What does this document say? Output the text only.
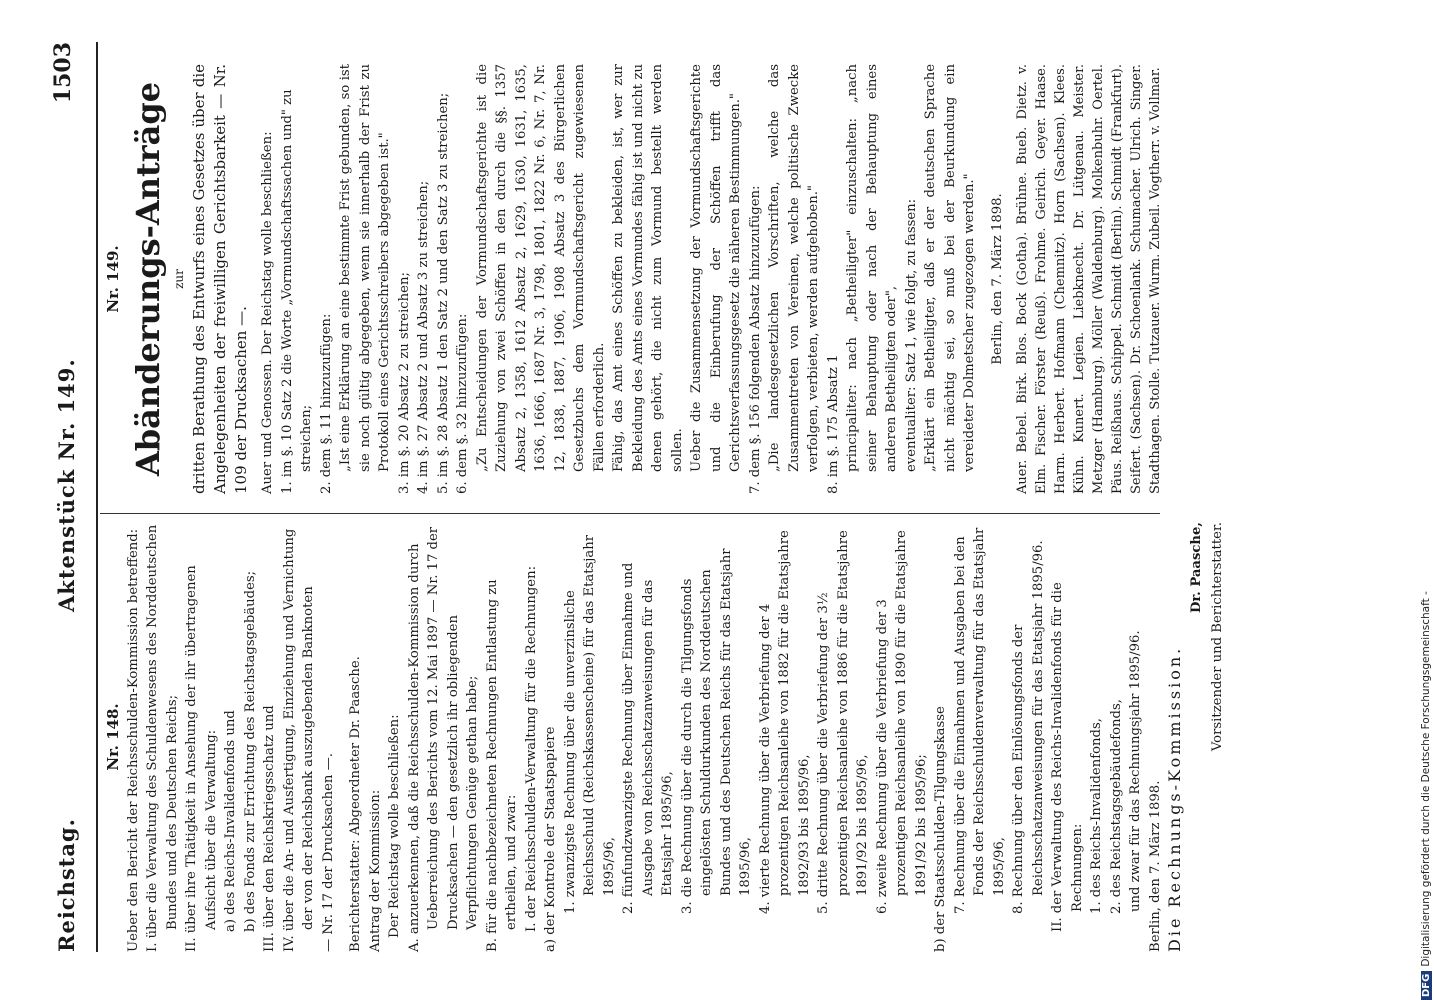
Reichstag.
Aktenstück Nr. 149.
1503
Nr. 148. Ueber den Bericht der Reichsschulden-Kommission betreffend: I. über die Verwaltung des Schuldenwesens des Norddeutschen Bundes und des Deutschen Reichs; II. über ihre Thätigkeit in Ansehung der ihr übertragenen Aufsicht über die Verwaltung: a) des Reichs-Invalidenfonds und b) des Fonds zur Errichtung des Reichstagsgebäudes; III. über den Reichskriegsschatz und IV. über die An- und Ausfertigung, Einziehung und Vernichtung der von der Reichsbank auszugebenden Banknoten — Nr. 17 der Drucksachen —. Berichterstatter: Abgeordneter Dr. Paasche. Antrag der Kommission: Der Reichstag wolle beschließen: A. anzuerkennen, daß die Reichsschulden-Kommission durch Ueberreichung des Berichts vom 12. Mai 1897 — Nr. 17 der Drucksachen — den gesetzlich ihr obliegenden Verpflichtungen Genüge gethan habe; B. für die nachbezeichneten Rechnungen Entlastung zu ertheilen, und zwar: I. der Reichsschulden-Verwaltung für die Rechnungen: a) der Kontrole der Staatspapiere 1. zwanzigste Rechnung über die unverzinsliche Reichsschuld (Reichskassenscheine) für das Etatsjahr 1895/96, 2. fünfundzwanzigste Rechnung über Einnahme und Ausgabe von Reichsschatzanweisungen für das Etatsjahr 1895/96, 3. die Rechnung über die durch die Tilgungsfonds eingelösten Schuldurkunden des Norddeutschen Bundes und des Deutschen Reichs für das Etatsjahr 1895/96, 4. vierte Rechnung über die Verbriefung der 4 prozentigen Reichsanleihe von 1882 für die Etatsjahre 1892/93 bis 1895/96, 5. dritte Rechnung über die Verbriefung der 3½ prozentigen Reichsanleihe von 1886 für die Etatsjahre 1891/92 bis 1895/96, 6. zweite Rechnung über die Verbriefung der 3 prozentigen Reichsanleihe von 1890 für die Etatsjahre 1891/92 bis 1895/96; b) der Staatsschulden-Tilgungskasse 7. Rechnung über die Einnahmen und Ausgaben bei den Fonds der Reichsschuldenverwaltung für das Etatsjahr 1895/96, 8. Rechnung über den Einlösungsfonds der Reichsschatzanweisungen für das Etatsjahr 1895/96. II. der Verwaltung des Reichs-Invalidenfonds für die Rechnungen: 1. des Reichs-Invalidenfonds, 2. des Reichstagsgebäudefonds, und zwar für das Rechnungsjahr 1895/96. Berlin, den 7. März 1898. Die Rechnungs-Kommission.

Dr. Paasche, Vorsitzender und Berichterstatter.

Nr. 149. Abänderungs-Anträge zur dritten Berathung des Entwurfs eines Gesetzes über die Angelegenheiten der freiwilligen Gerichtsbarkeit — Nr. 109 der Drucksachen —. Auer und Genossen. Der Reichstag wolle beschließen: 1. im §. 10 Satz 2 die Worte „Vormundschaftssachen und" zu streichen; 2. dem §. 11 hinzuzufügen: „Ist eine Erklärung an eine bestimmte Frist gebunden, so ist sie noch gültig abgegeben, wenn sie innerhalb der Frist zu Protokoll eines Gerichtsschreibers abgegeben ist." 3. im §. 20 Absatz 2 zu streichen; 4. im §. 27 Absatz 2 und Absatz 3 zu streichen; 5. im §. 28 Absatz 1 den Satz 2 und den Satz 3 zu streichen; 6. dem §. 32 hinzuzufügen: „Zu Entscheidungen der Vormundschaftsgerichte ist die Zuziehung von zwei Schöffen in den durch die §§. 1357 Absatz 2, 1358, 1612 Absatz 2, 1629, 1630, 1631, 1635, 1636, 1666, 1687 Nr. 3, 1798, 1801, 1822 Nr. 6, Nr. 7, Nr. 12, 1838, 1887, 1906, 1908 Absatz 3 des Bürgerlichen Gesetzbuchs dem Vormundschaftsgericht zugewiesenen Fällen erforderlich. Fähig, das Amt eines Schöffen zu bekleiden, ist, wer zur Bekleidung des Amts eines Vormundes fähig ist und nicht zu denen gehört, die nicht zum Vormund bestellt werden sollen. Ueber die Zusammensetzung der Vormundschaftsgerichte und die Einberufung der Schöffen trifft das Gerichtsverfassungsgesetz die näheren Bestimmungen." 7. dem §. 156 folgenden Absatz hinzuzufügen: „Die landesgesetzlichen Vorschriften, welche das Zusammentreten von Vereinen, welche politische Zwecke verfolgen, verbieten, werden aufgehoben." 8. im §. 175 Absatz 1 principaliter: nach „Betheiligter" einzuschalten: „nach seiner Behauptung oder nach der Behauptung eines anderen Betheiligten oder", eventualiter: Satz 1, wie folgt, zu fassen: „Erklärt ein Betheiligter, daß er der deutschen Sprache nicht mächtig sei, so muß bei der Beurkundung ein vereideter Dolmetscher zugezogen werden." Berlin, den 7. März 1898. Auer. Bebel. Birk. Blos. Bock (Gotha). Brühne. Bueb. Dietz. v. Elm. Fischer. Förster (Reuß). Frohme. Geirich. Geyer. Haase. Harm. Herbert. Hofmann (Chemnitz). Horn (Sachsen). Klees. Kühn. Kunert. Legien. Liebknecht. Dr. Lütgenau. Meister. Metzger (Hamburg). Möller (Waldenburg). Molkenbuhr. Oertel. Päus. Reißhaus. Schippel. Schmidt (Berlin). Schmidt (Frankfurt). Seifert. (Sachsen). Dr. Schoenlank. Schumacher. Ulrich. Singer. Stadthagen. Stolle. Tutzauer. Wurm. Zubeil. Vogtherr. v. Vollmar.

DFGDigitalisierung gefördert durch die Deutsche Forschungsgemeinschaft -
